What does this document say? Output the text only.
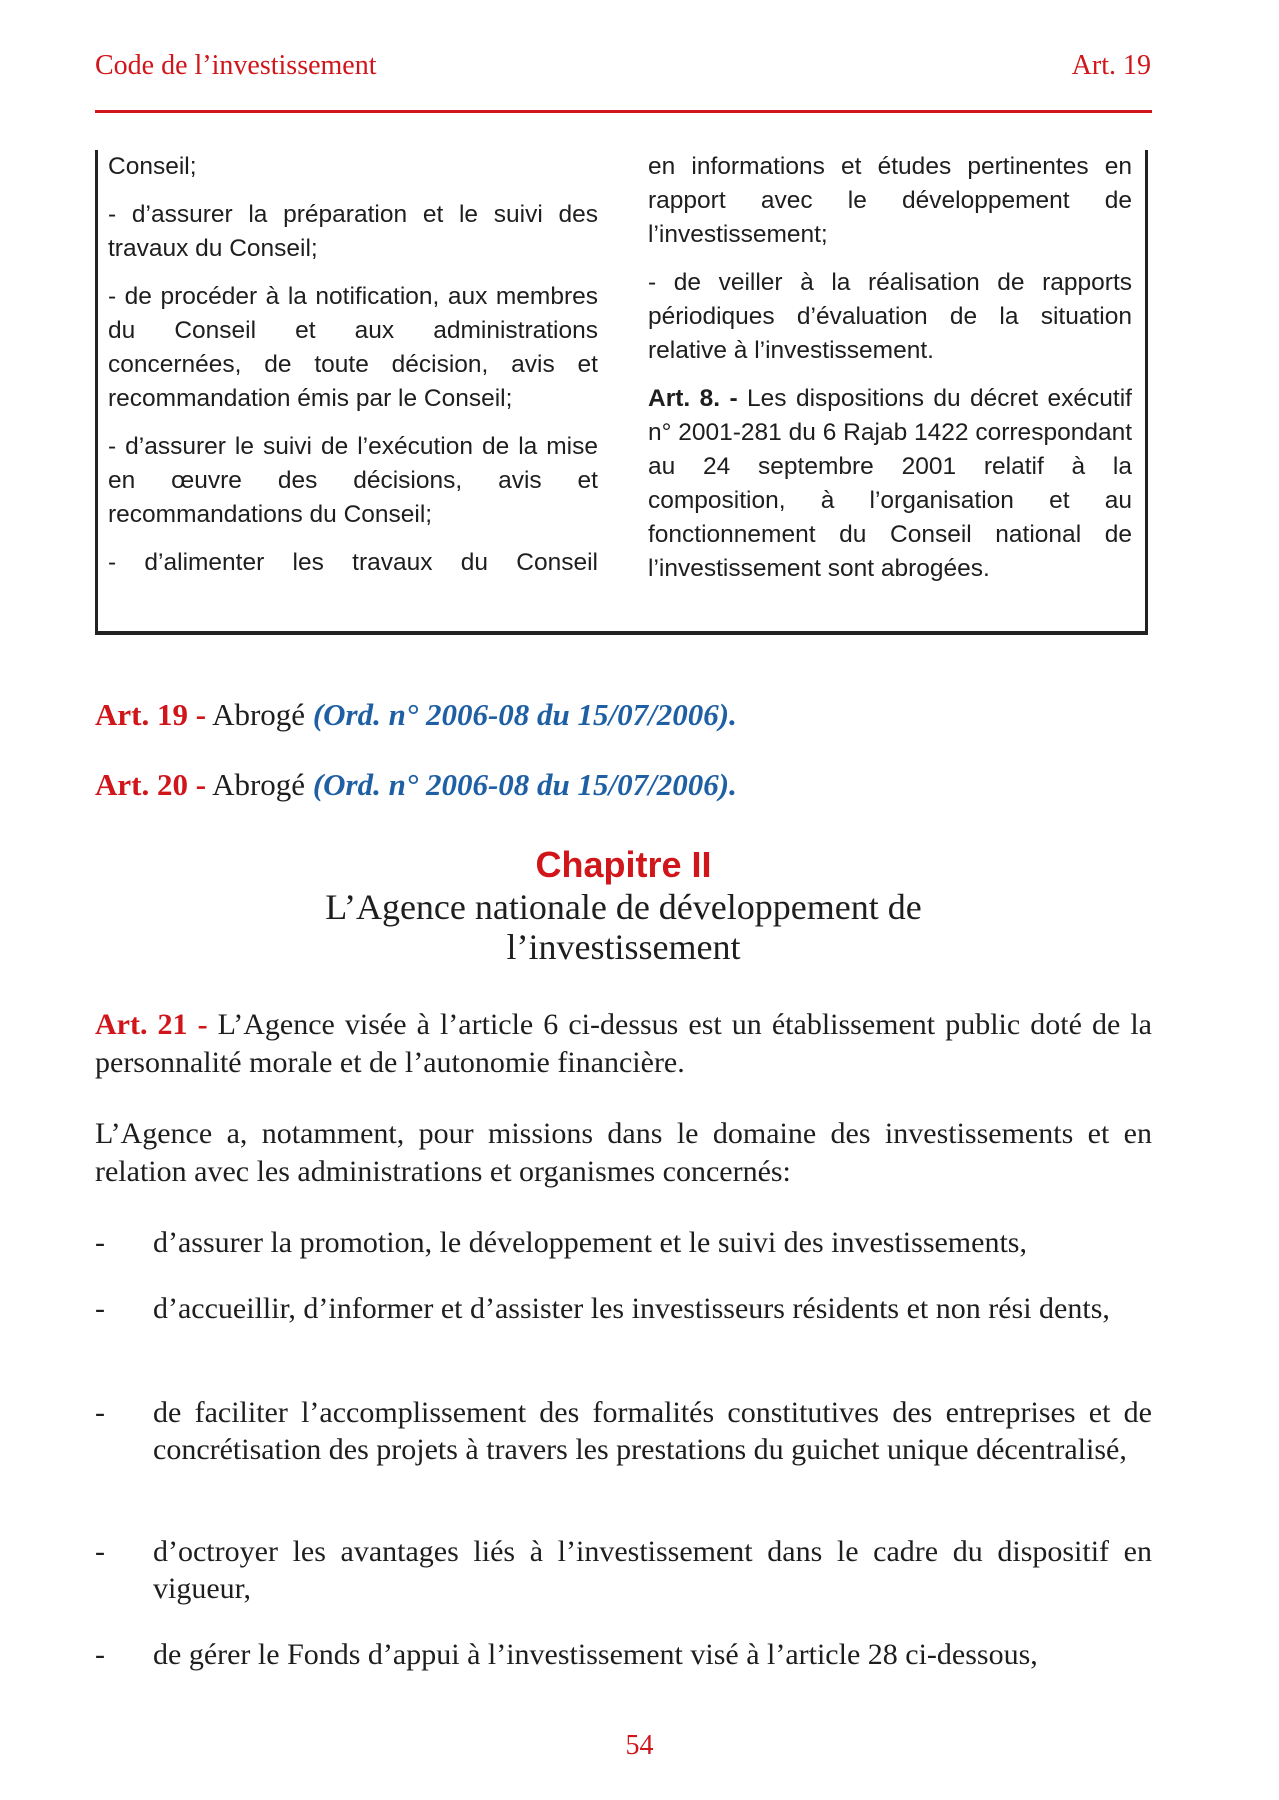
Code de l’investissement	Art. 19

Conseil;

- d’assurer la préparation et le suivi des travaux du Conseil;

- de procéder à la notification, aux membres du Conseil et aux administrations concernées, de toute décision, avis et recommandation émis par le Conseil;

- d’assurer le suivi de l’exécution de la mise en œuvre des décisions, avis et recommandations du Conseil;

- d’alimenter les travaux du Conseil

en informations et études pertinentes en rapport avec le développement de l’investissement;

- de veiller à la réalisation de rapports périodiques d’évaluation de la situation relative à l’investissement.

Art. 8. - Les dispositions du décret exécutif n° 2001-281 du 6 Rajab 1422 correspondant au 24 septembre 2001 relatif à la composition, à l’organisation et au fonctionnement du Conseil national de l’investissement sont abrogées.

Art. 19 - Abrogé (Ord. n° 2006-08 du 15/07/2006).
Art. 20 - Abrogé (Ord. n° 2006-08 du 15/07/2006).
Chapitre II
L’Agence nationale de développement de
l’investissement
Art. 21 - L’Agence visée à l’article 6 ci-dessus est un établissement public doté de la personnalité morale et de l’autonomie financière.
L’Agence a, notamment, pour missions dans le domaine des investissements et en relation avec les administrations et organismes concernés:
- d’assurer la promotion, le développement et le suivi des investissements,
- d’accueillir, d’informer et d’assister les investisseurs résidents et non rési dents,
- de faciliter l’accomplissement des formalités constitutives des entreprises et de concrétisation des projets à travers les prestations du guichet unique décentralisé,
- d’octroyer les avantages liés à l’investissement dans le cadre du dispositif en vigueur,
- de gérer le Fonds d’appui à l’investissement visé à l’article 28 ci-dessous,
54
